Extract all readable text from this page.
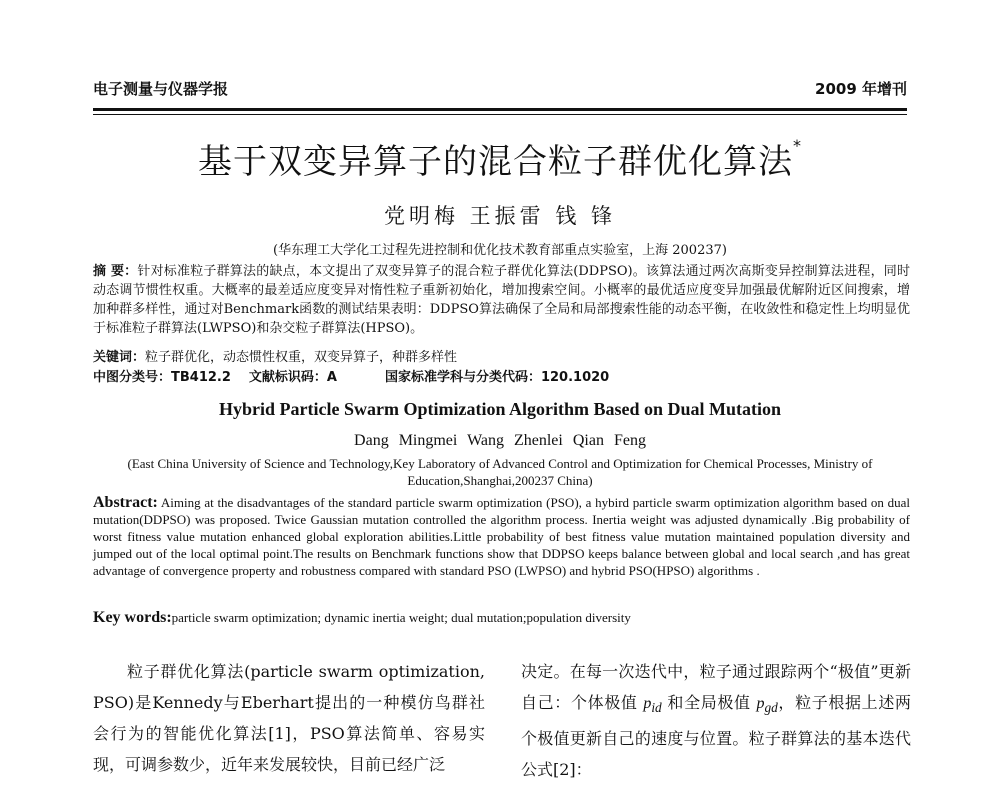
电子测量与仪器学报	2009 年增刊
基于双变异算子的混合粒子群优化算法*
党明梅 王振雷 钱 锋
(华东理工大学化工过程先进控制和优化技术教育部重点实验室，上海 200237)
摘 要：针对标准粒子群算法的缺点，本文提出了双变异算子的混合粒子群优化算法(DDPSO)。该算法通过两次高斯变异控制算法进程，同时动态调节惯性权重。大概率的最差适应度变异对惰性粒子重新初始化，增加搜索空间。小概率的最优适应度变异加强最优解附近区间搜索，增加种群多样性，通过对Benchmark函数的测试结果表明：DDPSO算法确保了全局和局部搜索性能的动态平衡，在收敛性和稳定性上均明显优于标准粒子群算法(LWPSO)和杂交粒子群算法(HPSO)。
关键词：粒子群优化，动态惯性权重，双变异算子，种群多样性
中图分类号：TB412.2 文献标识码：A	国家标准学科与分类代码：120.1020
Hybrid Particle Swarm Optimization Algorithm Based on Dual Mutation
Dang Mingmei Wang Zhenlei Qian Feng
(East China University of Science and Technology,Key Laboratory of Advanced Control and Optimization for Chemical Processes, Ministry of Education,Shanghai,200237 China)
Abstract: Aiming at the disadvantages of the standard particle swarm optimization (PSO), a hybird particle swarm optimization algorithm based on dual mutation(DDPSO) was proposed. Twice Gaussian mutation controlled the algorithm process. Inertia weight was adjusted dynamically .Big probability of worst fitness value mutation enhanced global exploration abilities.Little probability of best fitness value mutation maintained population diversity and jumped out of the local optimal point.The results on Benchmark functions show that DDPSO keeps balance between global and local search ,and has great advantage of convergence property and robustness compared with standard PSO (LWPSO) and hybrid PSO(HPSO) algorithms .
Key words:particle swarm optimization; dynamic inertia weight; dual mutation;population diversity
粒子群优化算法(particle swarm optimization, PSO)是Kennedy与Eberhart提出的一种模仿鸟群社会行为的智能优化算法[1]，PSO算法简单、容易实现，可调参数少，近年来发展较快，目前已经广泛
决定。在每一次迭代中，粒子通过跟踪两个“极值”更新自己：个体极值 $p_{id}$ 和全局极值 $p_{gd}$，粒子根据上述两个极值更新自己的速度与位置。粒子群算法的基本迭代公式[2]：
